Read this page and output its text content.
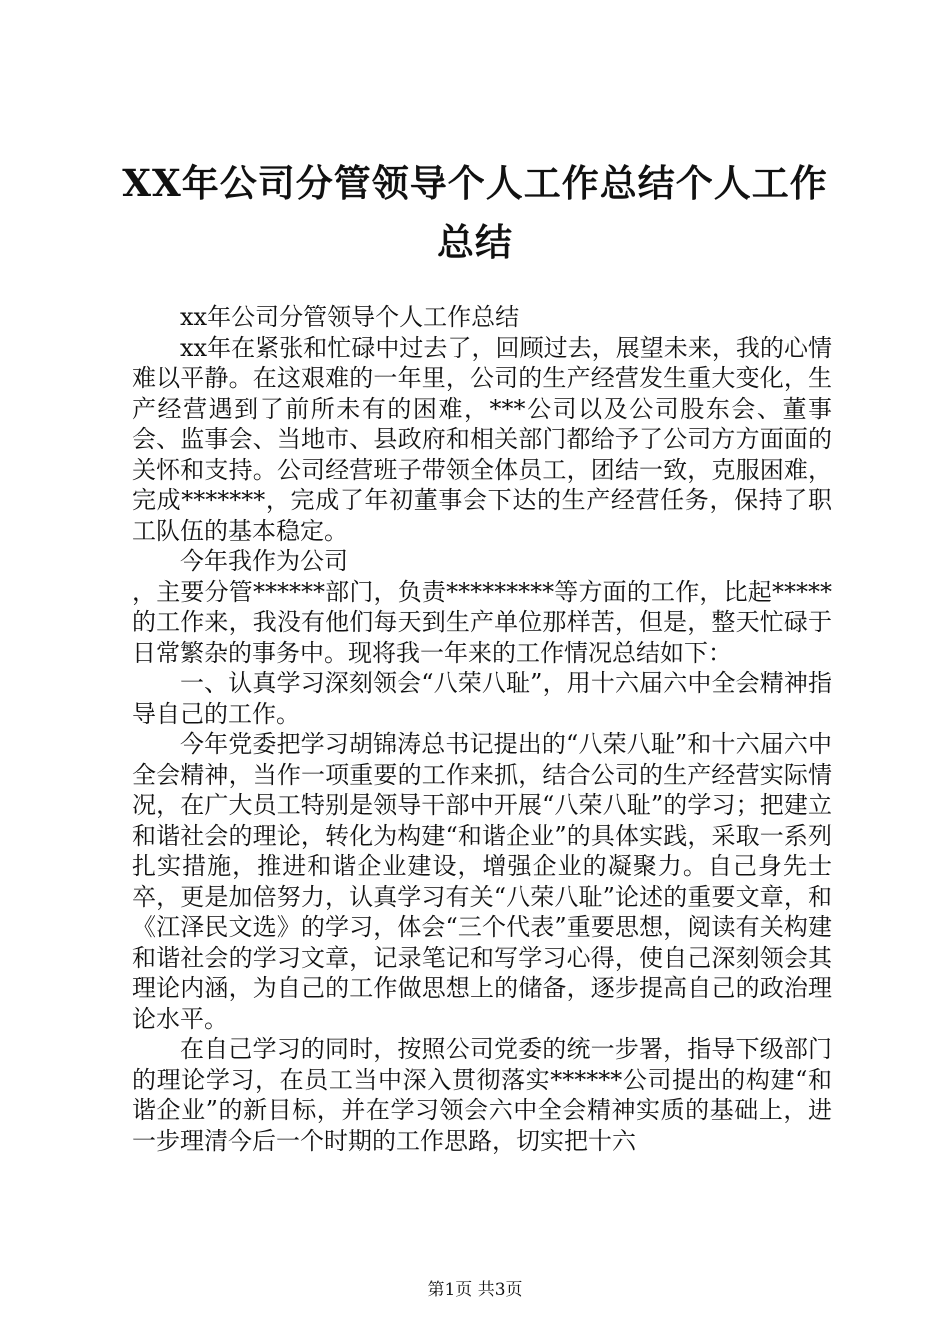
XX年公司分管领导个人工作总结个人工作总结

xx年公司分管领导个人工作总结

xx年在紧张和忙碌中过去了，回顾过去，展望未来，我的心情难以平静。在这艰难的一年里，公司的生产经营发生重大变化，生产经营遇到了前所未有的困难，***公司以及公司股东会、董事会、监事会、当地市、县政府和相关部门都给予了公司方方面面的关怀和支持。公司经营班子带领全体员工，团结一致，克服困难，完成*******，完成了年初董事会下达的生产经营任务，保持了职工队伍的基本稳定。

今年我作为公司

，主要分管******部门，负责*********等方面的工作，比起*****的工作来，我没有他们每天到生产单位那样苦，但是，整天忙碌于日常繁杂的事务中。现将我一年来的工作情况总结如下：

一、认真学习深刻领会“八荣八耻”，用十六届六中全会精神指导自己的工作。

今年党委把学习胡锦涛总书记提出的“八荣八耻”和十六届六中全会精神，当作一项重要的工作来抓，结合公司的生产经营实际情况，在广大员工特别是领导干部中开展“八荣八耻”的学习；把建立和谐社会的理论，转化为构建“和谐企业”的具体实践，采取一系列扎实措施，推进和谐企业建设，增强企业的凝聚力。自己身先士卒，更是加倍努力，认真学习有关“八荣八耻”论述的重要文章，和《江泽民文选》的学习，体会“三个代表”重要思想，阅读有关构建和谐社会的学习文章，记录笔记和写学习心得，使自己深刻领会其理论内涵，为自己的工作做思想上的储备，逐步提高自己的政治理论水平。

在自己学习的同时，按照公司党委的统一步署，指导下级部门的理论学习，在员工当中深入贯彻落实******公司提出的构建“和谐企业”的新目标，并在学习领会六中全会精神实质的基础上，进一步理清今后一个时期的工作思路，切实把十六

第1页 共3页
